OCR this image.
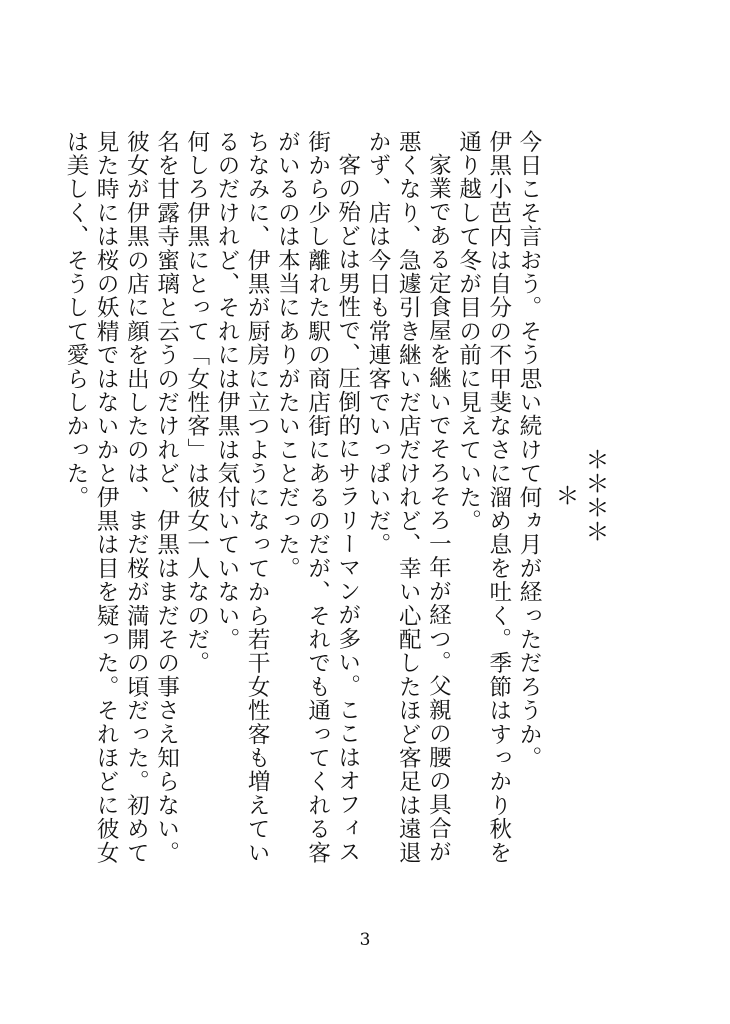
＊＊＊＊＊

今日こそ言おう。そう思い続けて何ヵ月が経っただろうか。

伊黒小芭内は自分の不甲斐なさに溜め息を吐く。季節はすっかり秋を通り越して冬が目の前に見えていた。

家業である定食屋を継いでそろそろ一年が経つ。父親の腰の具合が悪くなり、急遽引き継いだ店だけれど、幸い心配したほど客足は遠退かず、店は今日も常連客でいっぱいだ。

客の殆どは男性で、圧倒的にサラリーマンが多い。ここはオフィス街から少し離れた駅の商店街にあるのだが、それでも通ってくれる客がいるのは本当にありがたいことだった。

ちなみに、伊黒が厨房に立つようになってから若干女性客も増えているのだけれど、それには伊黒は気付いていない。

何しろ伊黒にとって「女性客」は彼女一人なのだ。

名を甘露寺蜜璃と云うのだけれど、伊黒はまだその事さえ知らない。

彼女が伊黒の店に顔を出したのは、まだ桜が満開の頃だった。初めて見た時には桜の妖精ではないかと伊黒は目を疑った。それほどに彼女は美しく、そうして愛らしかった。

3
